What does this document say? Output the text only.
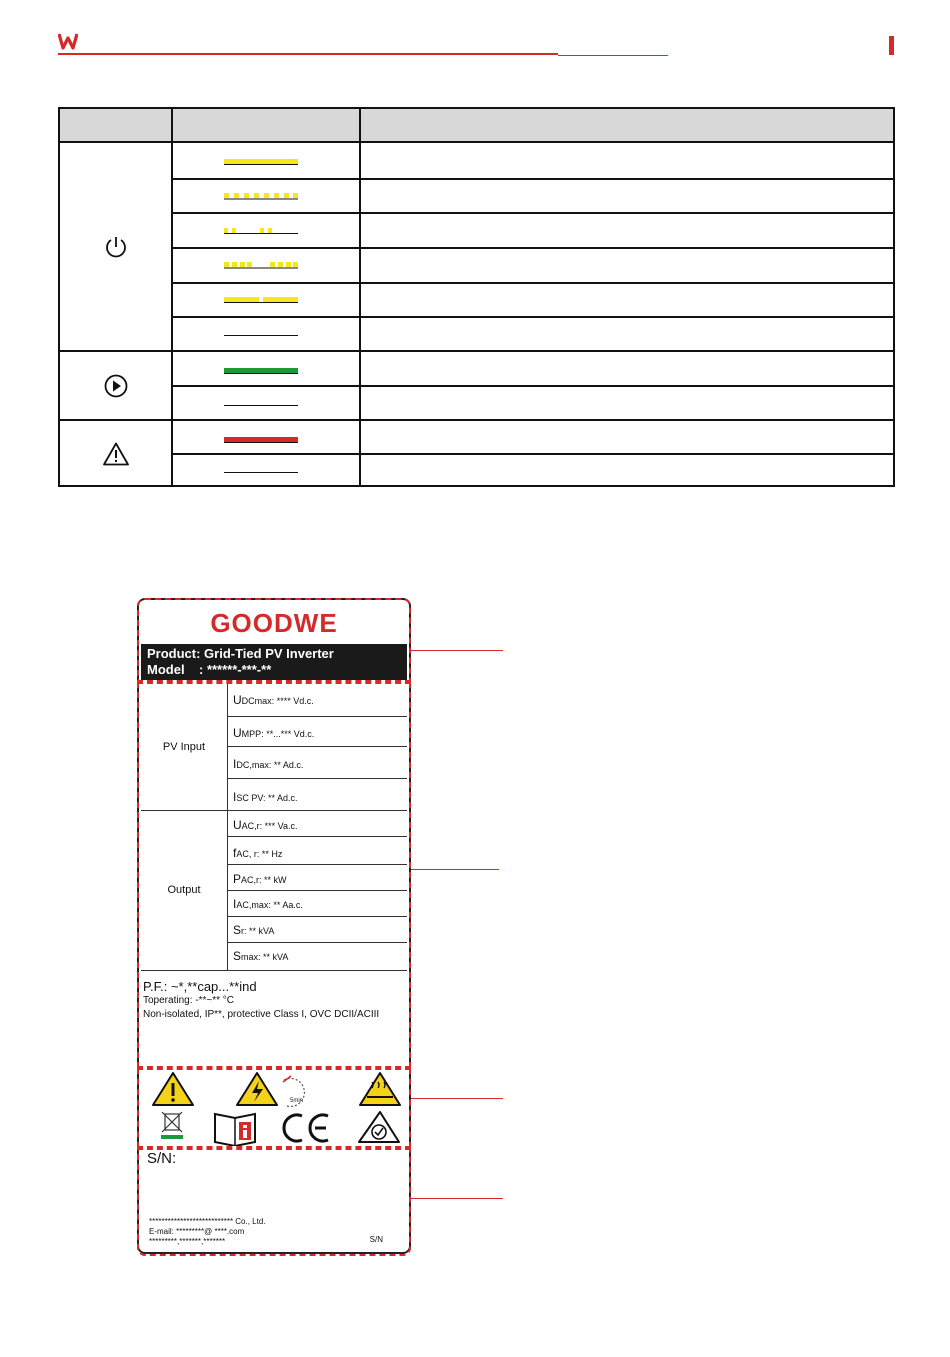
GOODWE
Product: Grid-Tied PV Inverter
Model    : ******-***-**
PV Input
Output
UDCmax: **** Vd.c.
UMPP: **...*** Vd.c.
IDC,max: ** Ad.c.
ISC PV: ** Ad.c.
UAC,r: *** Va.c.
fAC, r: ** Hz
PAC,r: ** kW
IAC,max: ** Aa.c.
Sr: ** kVA
Smax: ** kVA
P.F.: ~*,**cap...**ind
Toperating: -**~** °C
Non-isolated, IP**, protective Class I, OVC DCII/ACIII
5min
S/N:
*************************** Co., Ltd.
E-mail: *********@ ****.com
*********,*******,*******	S/N
